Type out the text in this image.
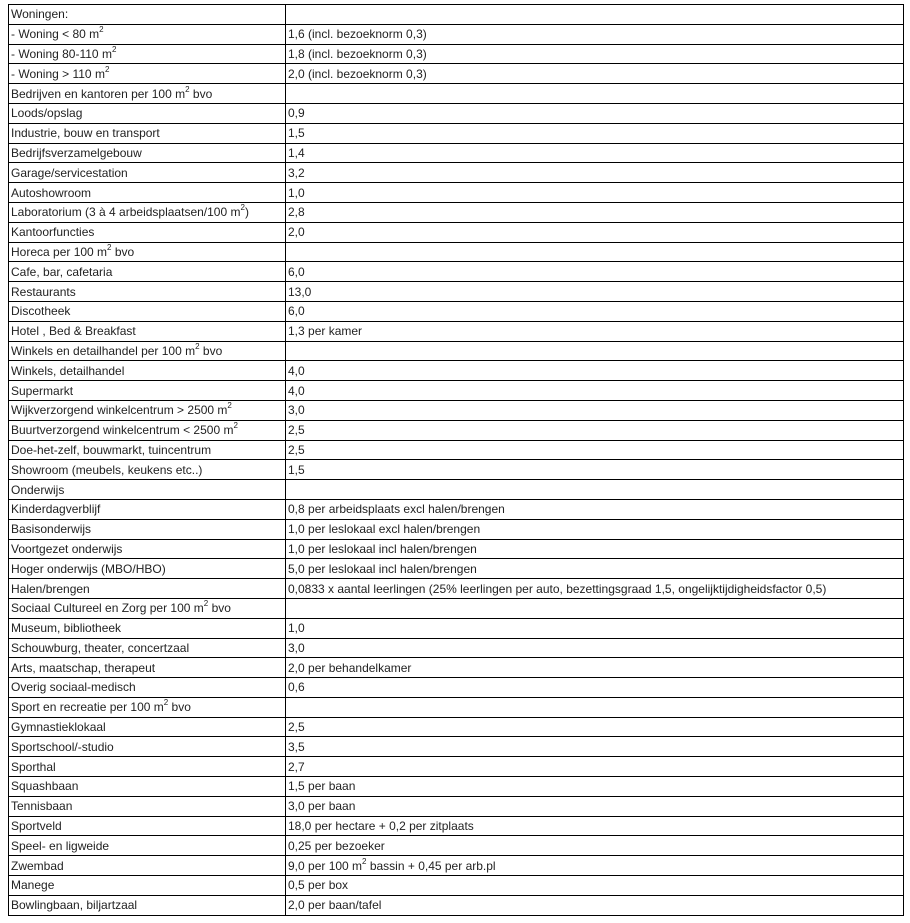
Woningen:	
- Woning < 80 $m^2$	1,6 (incl. bezoeknorm 0,3)
- Woning 80-110 $m^2$	1,8 (incl. bezoeknorm 0,3)
- Woning > 110 $m^2$	2,0 (incl. bezoeknorm 0,3)
Bedrijven en kantoren per 100 $m^2$ bvo	
Loods/opslag	0,9
Industrie, bouw en transport	1,5
Bedrijfsverzamelgebouw	1,4
Garage/servicestation	3,2
Autoshowroom	1,0
Laboratorium (3 à 4 arbeidsplaatsen/100 $m^2$)	2,8
Kantoorfuncties	2,0
Horeca per 100 $m^2$ bvo	
Cafe, bar, cafetaria	6,0
Restaurants	13,0
Discotheek	6,0
Hotel , Bed & Breakfast	1,3 per kamer
Winkels en detailhandel per 100 $m^2$ bvo	
Winkels, detailhandel	4,0
Supermarkt	4,0
Wijkverzorgend winkelcentrum > 2500 $m^2$	3,0
Buurtverzorgend winkelcentrum < 2500 $m^2$	2,5
Doe-het-zelf, bouwmarkt, tuincentrum	2,5
Showroom (meubels, keukens etc..)	1,5
Onderwijs	
Kinderdagverblijf	0,8 per arbeidsplaats excl halen/brengen
Basisonderwijs	1,0 per leslokaal excl halen/brengen
Voortgezet onderwijs	1,0 per leslokaal incl halen/brengen
Hoger onderwijs (MBO/HBO)	5,0 per leslokaal incl halen/brengen
Halen/brengen	0,0833 x aantal leerlingen (25% leerlingen per auto, bezettingsgraad 1,5, ongelijktijdigheidsfactor 0,5)
Sociaal Cultureel en Zorg per 100 $m^2$ bvo	
Museum, bibliotheek	1,0
Schouwburg, theater, concertzaal	3,0
Arts, maatschap, therapeut	2,0 per behandelkamer
Overig sociaal-medisch	0,6
Sport en recreatie per 100 $m^2$ bvo	
Gymnastieklokaal	2,5
Sportschool/-studio	3,5
Sporthal	2,7
Squashbaan	1,5 per baan
Tennisbaan	3,0 per baan
Sportveld	18,0 per hectare + 0,2 per zitplaats
Speel- en ligweide	0,25 per bezoeker
Zwembad	9,0 per 100 $m^2$ bassin + 0,45 per arb.pl
Manege	0,5 per box
Bowlingbaan, biljartzaal	2,0 per baan/tafel
